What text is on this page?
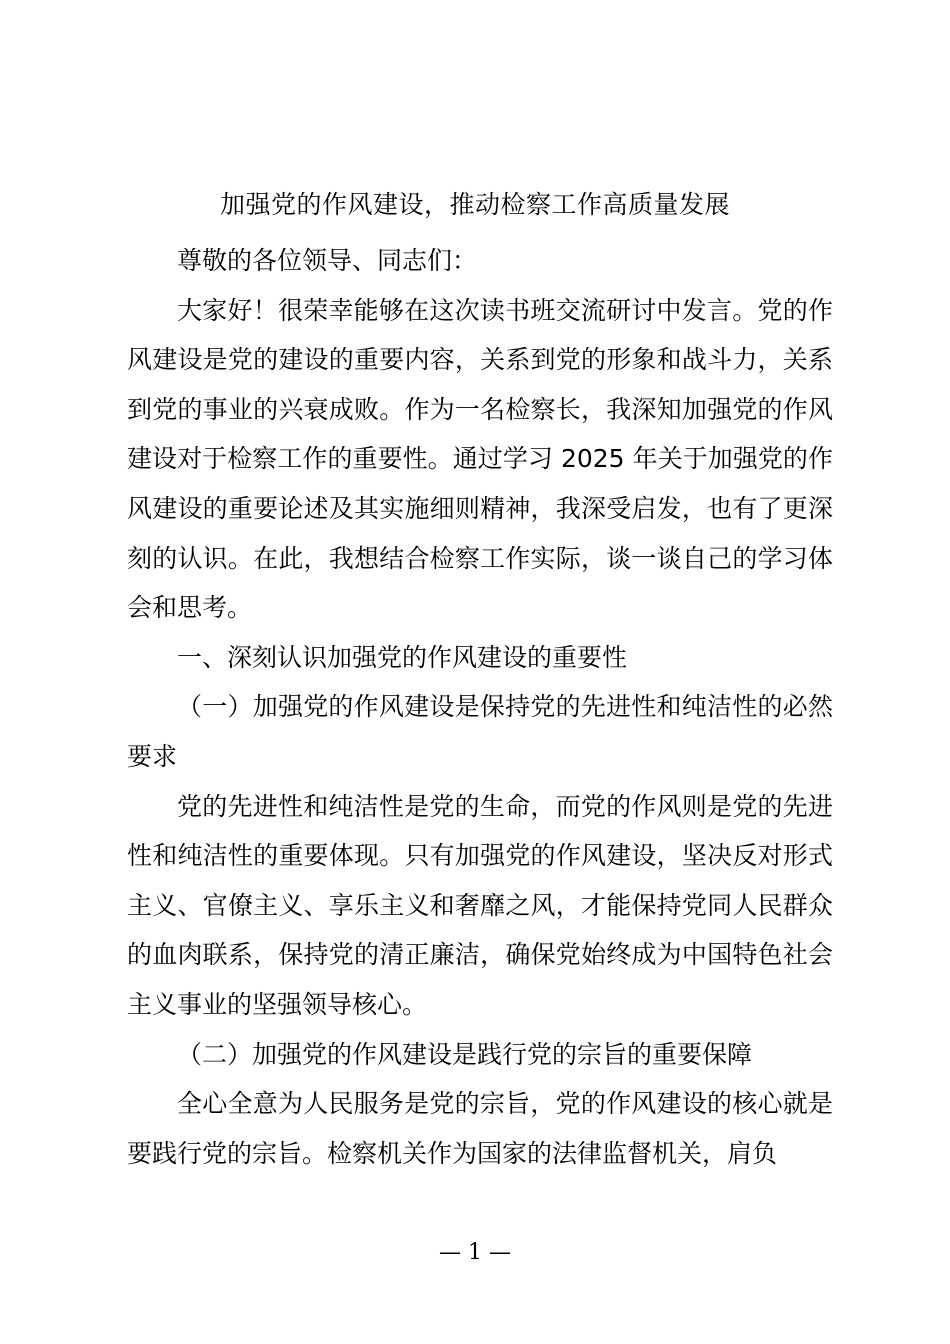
加强党的作风建设，推动检察工作高质量发展

尊敬的各位领导、同志们：

大家好！很荣幸能够在这次读书班交流研讨中发言。党的作风建设是党的建设的重要内容，关系到党的形象和战斗力，关系到党的事业的兴衰成败。作为一名检察长，我深知加强党的作风建设对于检察工作的重要性。通过学习 2025 年关于加强党的作风建设的重要论述及其实施细则精神，我深受启发，也有了更深刻的认识。在此，我想结合检察工作实际，谈一谈自己的学习体会和思考。

一、深刻认识加强党的作风建设的重要性

（一）加强党的作风建设是保持党的先进性和纯洁性的必然要求

党的先进性和纯洁性是党的生命，而党的作风则是党的先进性和纯洁性的重要体现。只有加强党的作风建设，坚决反对形式主义、官僚主义、享乐主义和奢靡之风，才能保持党同人民群众的血肉联系，保持党的清正廉洁，确保党始终成为中国特色社会主义事业的坚强领导核心。

（二）加强党的作风建设是践行党的宗旨的重要保障

全心全意为人民服务是党的宗旨，党的作风建设的核心就是要践行党的宗旨。检察机关作为国家的法律监督机关，肩负

— 1 —
